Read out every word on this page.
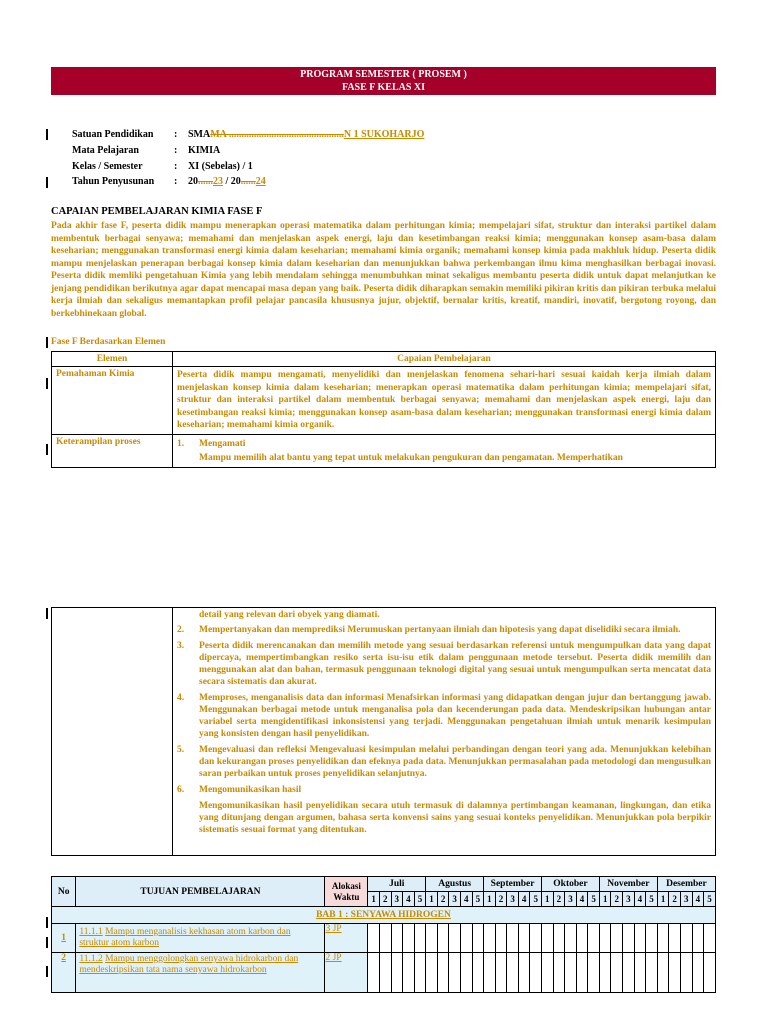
PROGRAM SEMESTER ( PROSEM )
FASE F KELAS XI
Satuan Pendidikan : SMAMA ..............................................N 1 SUKOHARJO
Mata Pelajaran	: KIMIA
Kelas / Semester	: XI (Sebelas) / 1
Tahun Penyusunan : 20......23 / 20......24
CAPAIAN PEMBELAJARAN KIMIA FASE F
Pada akhir fase F, peserta didik mampu menerapkan operasi matematika dalam perhitungan kimia; mempelajari sifat, struktur dan interaksi partikel dalam membentuk berbagai senyawa; memahami dan menjelaskan aspek energi, laju dan kesetimbangan reaksi kimia; menggunakan konsep asam-basa dalam keseharian; menggunakan transformasi energi kimia dalam keseharian; memahami kimia organik; memahami konsep kimia pada makhluk hidup. Peserta didik mampu menjelaskan penerapan berbagai konsep kimia dalam keseharian dan menunjukkan bahwa perkembangan ilmu kima menghasilkan berbagai inovasi. Peserta didik memliki pengetahuan Kimia yang lebih mendalam sehingga menumbuhkan minat sekaligus membantu peserta didik untuk dapat melanjutkan ke jenjang pendidikan berikutnya agar dapat mencapai masa depan yang baik. Peserta didik diharapkan semakin memiliki pikiran kritis dan pikiran terbuka melalui kerja ilmiah dan sekaligus memantapkan profil pelajar pancasila khususnya jujur, objektif, bernalar kritis, kreatif, mandiri, inovatif, bergotong royong, dan berkebhinekaan global.
Fase F Berdasarkan Elemen
Elemen	Capaian Pembelajaran
Pemahaman Kimia	Peserta didik mampu mengamati, menyelidiki dan menjelaskan fenomena sehari-hari sesuai kaidah kerja ilmiah dalam menjelaskan konsep kimia dalam keseharian; menerapkan operasi matematika dalam perhitungan kimia; mempelajari sifat, struktur dan interaksi partikel dalam membentuk berbagai senyawa; memahami dan menjelaskan aspek energi, laju dan kesetimbangan reaksi kimia; menggunakan konsep asam-basa dalam keseharian; menggunakan transformasi energi kimia dalam keseharian; memahami kimia organik.
Keterampilan proses	1. Mengamati
Mampu memilih alat bantu yang tepat untuk melakukan pengukuran dan pengamatan. Memperhatikan

detail yang relevan dari obyek yang diamati.
2. Mempertanyakan dan memprediksi Merumuskan pertanyaan ilmiah dan hipotesis yang dapat diselidiki secara ilmiah.
3. Peserta didik merencanakan dan memilih metode yang sesuai berdasarkan referensi untuk mengumpulkan data yang dapat dipercaya, mempertimbangkan resiko serta isu-isu etik dalam penggunaan metode tersebut. Peserta didik memilih dan menggunakan alat dan bahan, termasuk penggunaan teknologi digital yang sesuai untuk mengumpulkan serta mencatat data secara sistematis dan akurat.
4. Memproses, menganalisis data dan informasi Menafsirkan informasi yang didapatkan dengan jujur dan bertanggung jawab. Menggunakan berbagai metode untuk menganalisa pola dan kecenderungan pada data. Mendeskripsikan hubungan antar variabel serta mengidentifikasi inkonsistensi yang terjadi. Menggunakan pengetahuan ilmiah untuk menarik kesimpulan yang konsisten dengan hasil penyelidikan.
5. Mengevaluasi dan refleksi Mengevaluasi kesimpulan melalui perbandingan dengan teori yang ada. Menunjukkan kelebihan dan kekurangan proses penyelidikan dan efeknya pada data. Menunjukkan permasalahan pada metodologi dan mengusulkan saran perbaikan untuk proses penyelidikan selanjutnya.
6. Mengomunikasikan hasil
Mengomunikasikan hasil penyelidikan secara utuh termasuk di dalamnya pertimbangan keamanan, lingkungan, dan etika yang ditunjang dengan argumen, bahasa serta konvensi sains yang sesuai konteks penyelidikan. Menunjukkan pola berpikir sistematis sesuai format yang ditentukan.
No	TUJUAN PEMBELAJARAN	Alokasi Waktu	Juli					Agustus					September					Oktober					November					Desember				
			1	2	3	4	5	1	2	3	4	5	1	2	3	4	5	1	2	3	4	5	1	2	3	4	5	1	2	3	4	5
BAB 1 : SENYAWA HIDROGEN																																
1	11.1.1 Mampu menganalisis kekhasan atom karbon dan struktur atom karbon	3 JP																														
2	11.1.2 Mampu menggolongkan senyawa hidrokarbon dan mendeskripsikan tata nama senyawa hidrokarbon	2 JP																														
